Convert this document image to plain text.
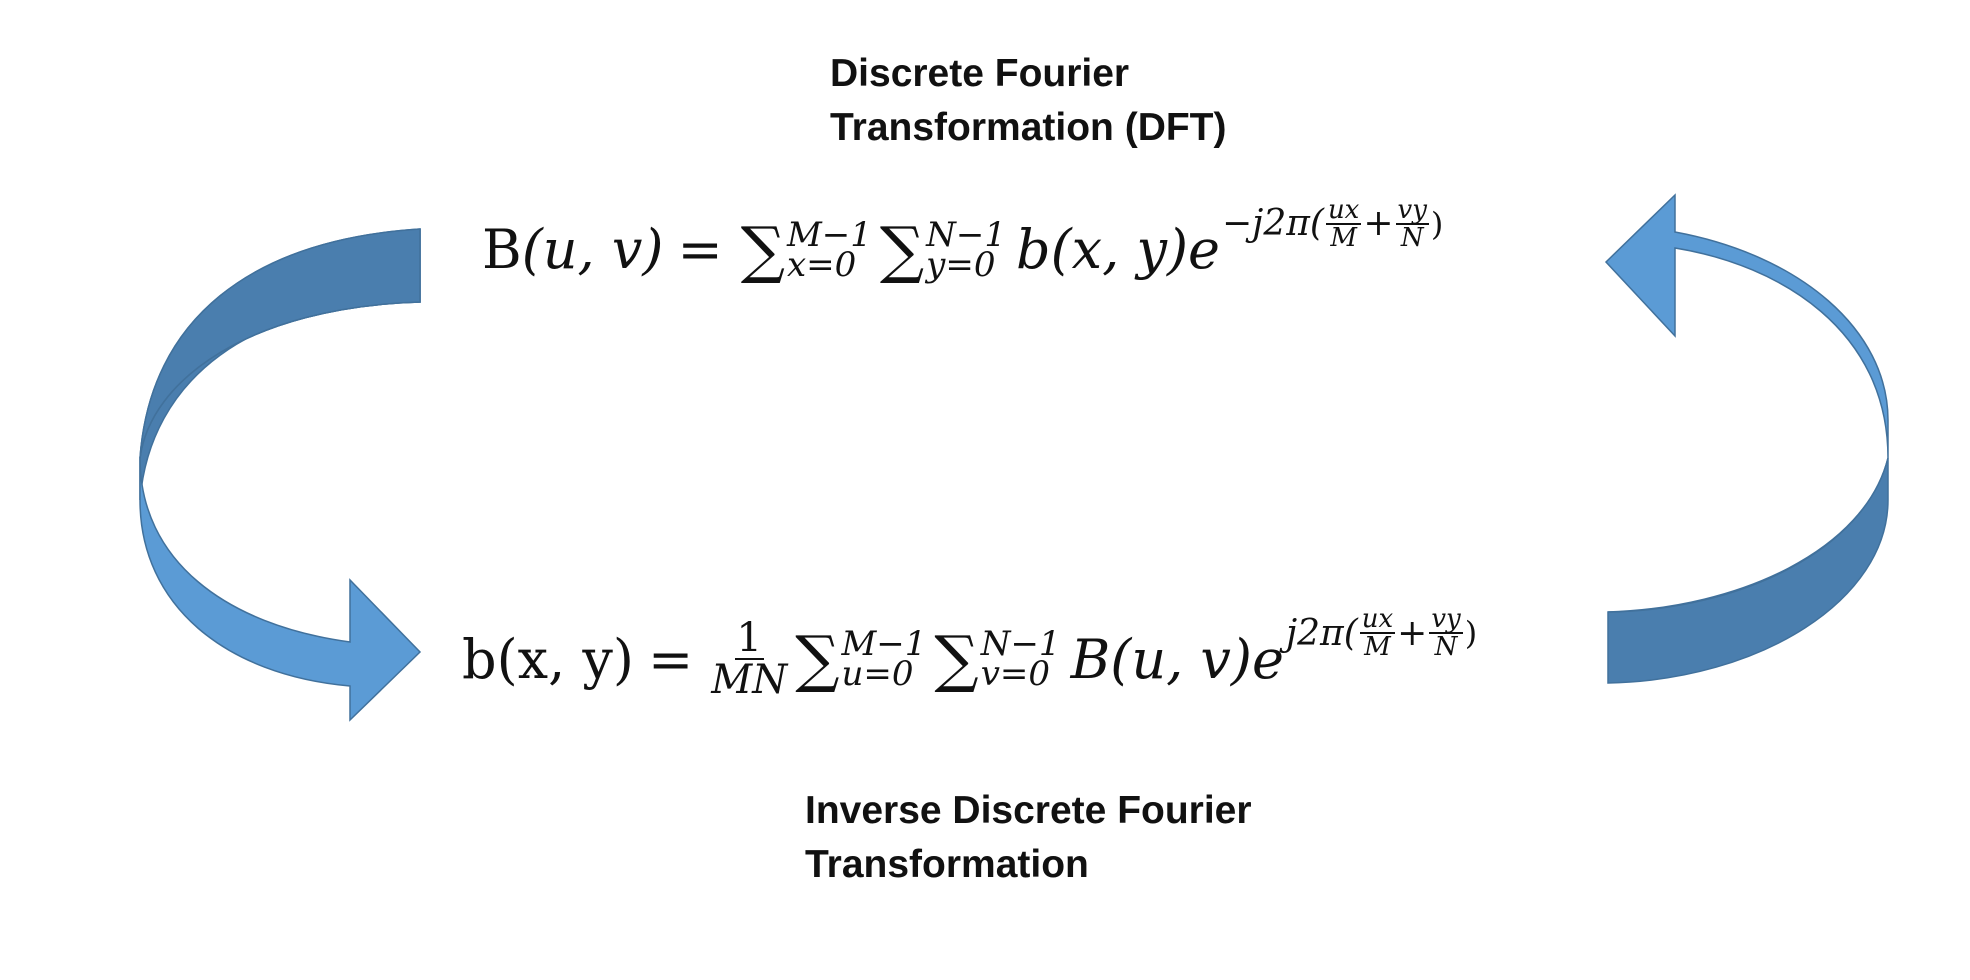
Discrete Fourier
Transformation (DFT)
B (u, v) = ∑ M−1
x=0 ∑ N−1
y=0 b(x, y) $e -j2\pi( \frac{ux}{M} + \frac{vy}{N}$ )
b(x, $y) = \frac{1}{MN}$ ∑ M−1
u=0 ∑ N−1
v=0 B(u, v) e $j2\pi( \frac{ux}{M} + \frac{vy}{N}$ )
Inverse Discrete Fourier
Transformation
